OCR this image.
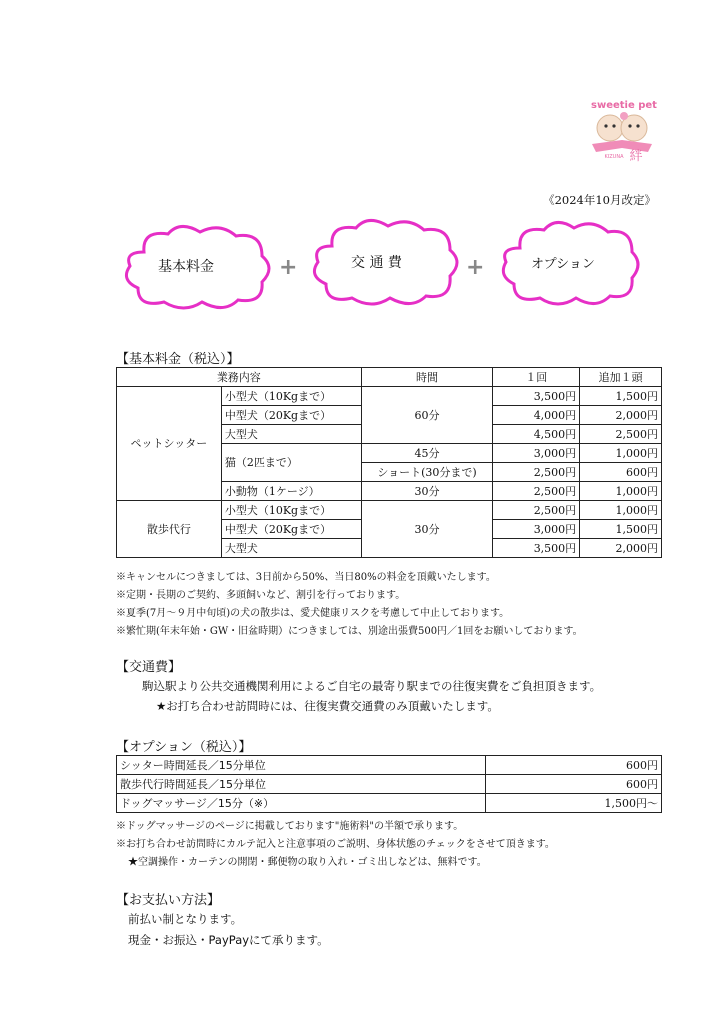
sweetie pet
KIZUNA 絆
《2024年10月改定》
基本料金	+	交 通 費	+	オプション
【基本料金（税込）】
業務内容		時間	１回	追加１頭
ペットシッター	小型犬（10Kgまで）	60分	3,500円	1,500円
	中型犬（20Kgまで）		4,000円	2,000円
	大型犬		4,500円	2,500円
	猫（2匹まで）	45分	3,000円	1,000円
		ショート(30分まで)	2,500円	600円
	小動物（1ケージ）	30分	2,500円	1,000円
散歩代行	小型犬（10Kgまで）	30分	2,500円	1,000円
	中型犬（20Kgまで）		3,000円	1,500円
	大型犬		3,500円	2,000円
※キャンセルにつきましては、3日前から50%、当日80%の料金を頂戴いたします。
※定期・長期のご契約、多頭飼いなど、割引を行っております。
※夏季(7月〜９月中旬頃)の犬の散歩は、愛犬健康リスクを考慮して中止しております。
※繁忙期(年末年始・GW・旧盆時期）につきましては、別途出張費500円／1回をお願いしております。
【交通費】
駒込駅より公共交通機関利用によるご自宅の最寄り駅までの往復実費をご負担頂きます。
★お打ち合わせ訪問時には、往復実費交通費のみ頂戴いたします。
【オプション（税込）】
シッター時間延長／15分単位	600円
散歩代行時間延長／15分単位	600円
ドッグマッサージ／15分（※）	1,500円〜
※ドッグマッサージのページに掲載しております"施術料"の半額で承ります。
※お打ち合わせ訪問時にカルテ記入と注意事項のご説明、身体状態のチェックをさせて頂きます。
★空調操作・カーテンの開閉・郵便物の取り入れ・ゴミ出しなどは、無料です。
【お支払い方法】
前払い制となります。
現金・お振込・PayPayにて承ります。
